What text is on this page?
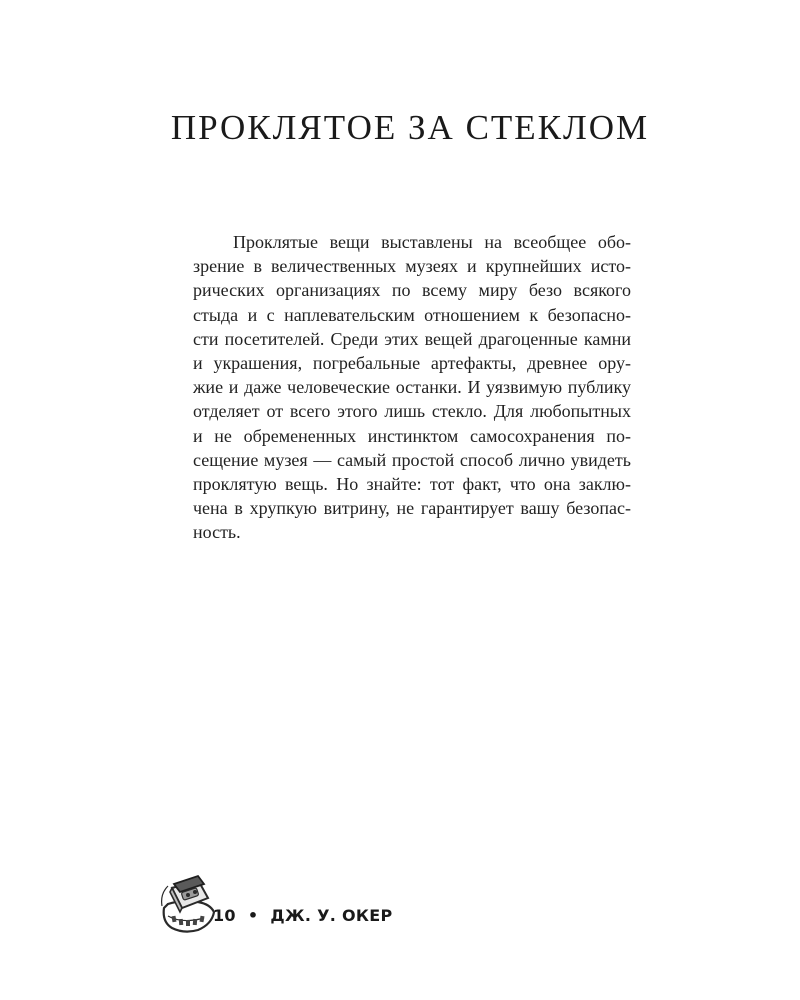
ПРОКЛЯТОЕ ЗА СТЕКЛОМ
Проклятые вещи выставлены на всеобщее обо-
зрение в величественных музеях и крупнейших исто-
рических организациях по всему миру безо всякого
стыда и с наплевательским отношением к безопасно-
сти посетителей. Среди этих вещей драгоценные камни
и украшения, погребальные артефакты, древнее ору-
жие и даже человеческие останки. И уязвимую публику
отделяет от всего этого лишь стекло. Для любопытных
и не обремененных инстинктом самосохранения по-
сещение музея — самый простой способ лично увидеть
проклятую вещь. Но знайте: тот факт, что она заклю-
чена в хрупкую витрину, не гарантирует вашу безопас-
ность.
10 • ДЖ. У. ОКЕР
